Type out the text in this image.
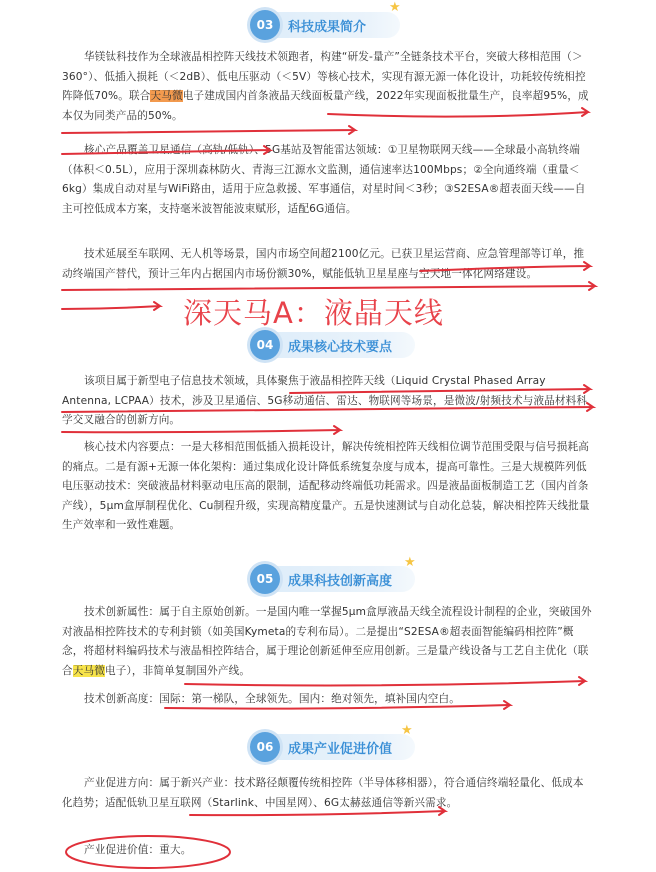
03	科技成果简介
★

华镁钛科技作为全球液晶相控阵天线技术领跑者，构建“研发-量产”全链条技术平台，突破大移相范围（＞360°）、低插入损耗（＜2dB）、低电压驱动（＜5V）等核心技术，实现有源无源一体化设计，功耗较传统相控阵降低70%。联合天马微电子建成国内首条液晶天线面板量产线，2022年实现面板批量生产，良率超95%，成本仅为同类产品的50%。

核心产品覆盖卫星通信（高轨/低轨）、5G基站及智能雷达领域：①卫星物联网天线——全球最小高轨终端（体积＜0.5L），应用于深圳森林防火、青海三江源水文监测，通信速率达100Mbps；②全向通终端（重量＜6kg）集成自动对星与WiFi路由，适用于应急救援、军事通信，对星时间＜3秒；③S2ESA®超表面天线——自主可控低成本方案，支持毫米波智能波束赋形，适配6G通信。

技术延展至车联网、无人机等场景，国内市场空间超2100亿元。已获卫星运营商、应急管理部等订单，推动终端国产替代，预计三年内占据国内市场份额30%，赋能低轨卫星星座与空天地一体化网络建设。

深天马A：液晶天线
04	成果核心技术要点

该项目属于新型电子信息技术领域，具体聚焦于液晶相控阵天线（Liquid Crystal Phased Array Antenna, LCPAA）技术，涉及卫星通信、5G移动通信、雷达、物联网等场景，是微波/射频技术与液晶材料科学交叉融合的创新方向。

核心技术内容要点：一是大移相范围低插入损耗设计，解决传统相控阵天线相位调节范围受限与信号损耗高的痛点。二是有源+无源一体化架构：通过集成化设计降低系统复杂度与成本，提高可靠性。三是大规模阵列低电压驱动技术：突破液晶材料驱动电压高的限制，适配移动终端低功耗需求。四是液晶面板制造工艺（国内首条产线），5μm盒厚制程优化、Cu制程升级，实现高精度量产。五是快速测试与自动化总装，解决相控阵天线批量生产效率和一致性难题。

05	成果科技创新高度
★

技术创新属性：属于自主原始创新。一是国内唯一掌握5μm盒厚液晶天线全流程设计制程的企业，突破国外对液晶相控阵技术的专利封锁（如美国Kymeta的专利布局）。二是提出“S2ESA®超表面智能编码相控阵”概念，将超材料编码技术与液晶相控阵结合，属于理论创新延伸至应用创新。三是量产线设备与工艺自主优化（联合天马微电子），非简单复制国外产线。

技术创新高度：国际：第一梯队，全球领先。国内：绝对领先，填补国内空白。

06	成果产业促进价值
★

产业促进方向：属于新兴产业：技术路径颠覆传统相控阵（半导体移相器），符合通信终端轻量化、低成本化趋势；适配低轨卫星互联网（Starlink、中国星网）、6G太赫兹通信等新兴需求。

产业促进价值：重大。
